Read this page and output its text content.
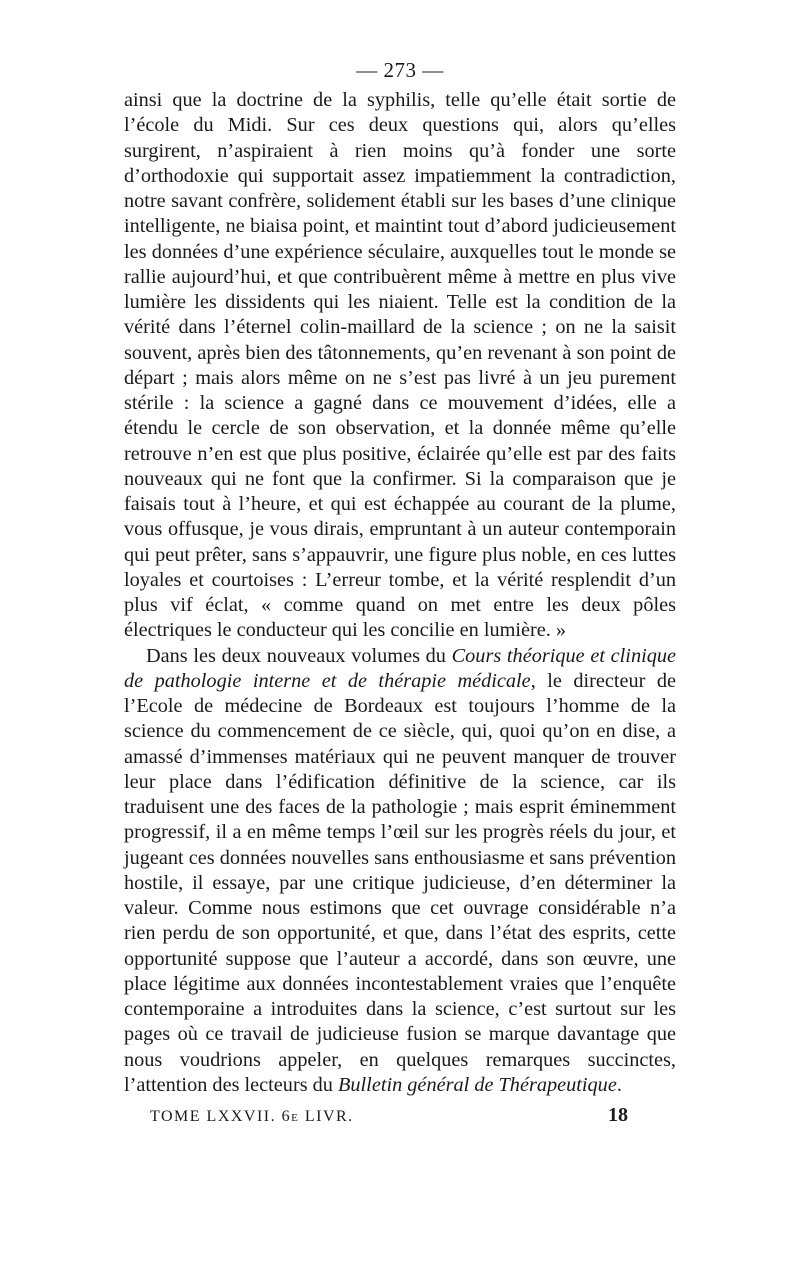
— 273 —

ainsi que la doctrine de la syphilis, telle qu’elle était sortie de l’école du Midi. Sur ces deux questions qui, alors qu’elles surgirent, n’aspiraient à rien moins qu’à fonder une sorte d’orthodoxie qui supportait assez impatiemment la contradiction, notre savant confrère, solidement établi sur les bases d’une clinique intelligente, ne biaisa point, et maintint tout d’abord judicieusement les données d’une expérience séculaire, auxquelles tout le monde se rallie aujourd’hui, et que contribuèrent même à mettre en plus vive lumière les dissidents qui les niaient. Telle est la condition de la vérité dans l’éternel colin-maillard de la science ; on ne la saisit souvent, après bien des tâtonnements, qu’en revenant à son point de départ ; mais alors même on ne s’est pas livré à un jeu purement stérile : la science a gagné dans ce mouvement d’idées, elle a étendu le cercle de son observation, et la donnée même qu’elle retrouve n’en est que plus positive, éclairée qu’elle est par des faits nouveaux qui ne font que la confirmer. Si la comparaison que je faisais tout à l’heure, et qui est échappée au courant de la plume, vous offusque, je vous dirais, empruntant à un auteur contemporain qui peut prêter, sans s’appauvrir, une figure plus noble, en ces luttes loyales et courtoises : L’erreur tombe, et la vérité resplendit d’un plus vif éclat, « comme quand on met entre les deux pôles électriques le conducteur qui les concilie en lumière. »

Dans les deux nouveaux volumes du Cours théorique et clinique de pathologie interne et de thérapie médicale, le directeur de l’Ecole de médecine de Bordeaux est toujours l’homme de la science du commencement de ce siècle, qui, quoi qu’on en dise, a amassé d’immenses matériaux qui ne peuvent manquer de trouver leur place dans l’édification définitive de la science, car ils traduisent une des faces de la pathologie ; mais esprit éminemment progressif, il a en même temps l’œil sur les progrès réels du jour, et jugeant ces données nouvelles sans enthousiasme et sans prévention hostile, il essaye, par une critique judicieuse, d’en déterminer la valeur. Comme nous estimons que cet ouvrage considérable n’a rien perdu de son opportunité, et que, dans l’état des esprits, cette opportunité suppose que l’auteur a accordé, dans son œuvre, une place légitime aux données incontestablement vraies que l’enquête contemporaine a introduites dans la science, c’est surtout sur les pages où ce travail de judicieuse fusion se marque davantage que nous voudrions appeler, en quelques remarques succinctes, l’attention des lecteurs du Bulletin général de Thérapeutique.

TOME LXXVII. 6e LIVR.	18
